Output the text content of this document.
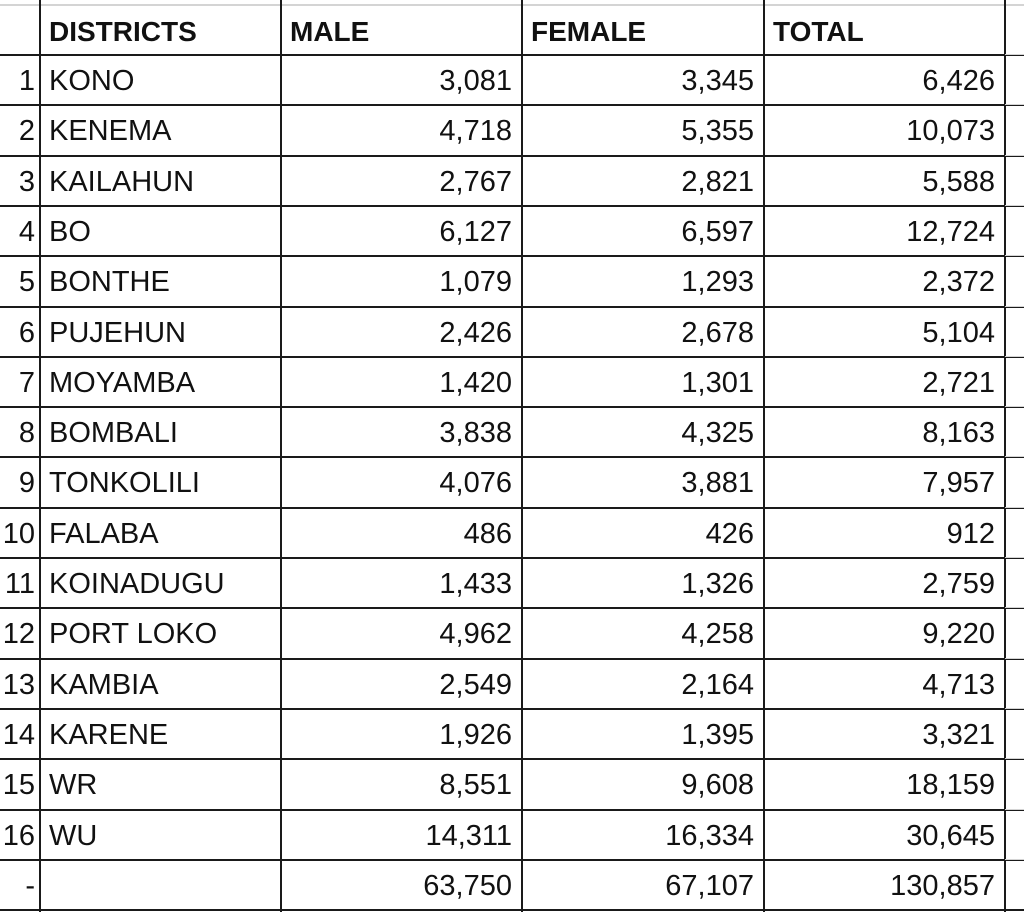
DISTRICTS	MALE	FEMALE	TOTAL
1 KONO	3,081	3,345	6,426
2 KENEMA	4,718	5,355	10,073
3 KAILAHUN	2,767	2,821	5,588
4 BO	6,127	6,597	12,724
5 BONTHE	1,079	1,293	2,372
6 PUJEHUN	2,426	2,678	5,104
7 MOYAMBA	1,420	1,301	2,721
8 BOMBALI	3,838	4,325	8,163
9 TONKOLILI	4,076	3,881	7,957
10 FALABA	486	426	912
11 KOINADUGU	1,433	1,326	2,759
12 PORT LOKO	4,962	4,258	9,220
13 KAMBIA	2,549	2,164	4,713
14 KARENE	1,926	1,395	3,321
15 WR	8,551	9,608	18,159
16 WU	14,311	16,334	30,645
-	63,750	67,107	130,857
